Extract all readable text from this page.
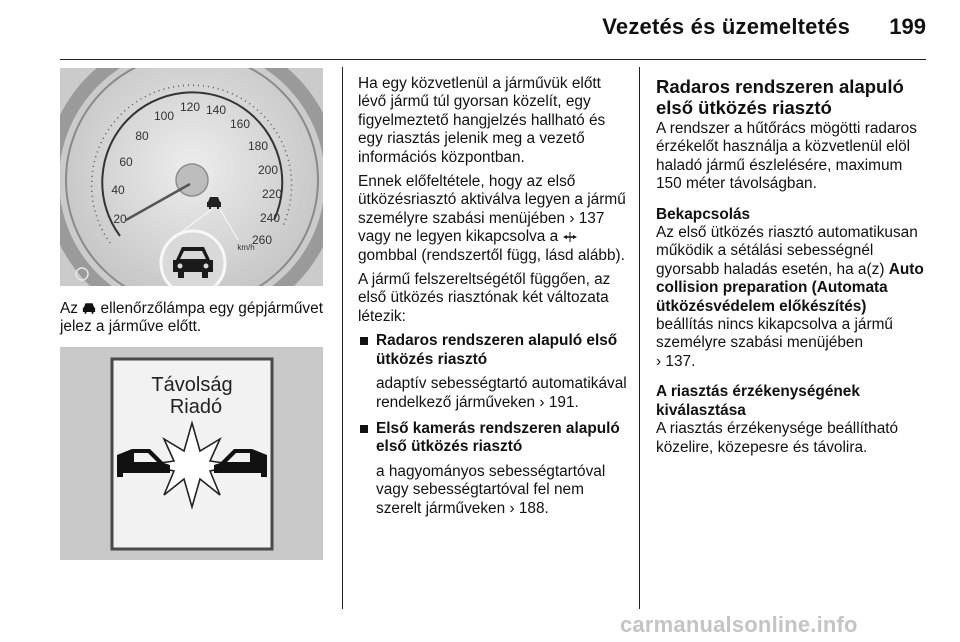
Vezetés és üzemeltetés	199
20
40
60
80
100
120 140
160
180
200
220
240
260
km/h

Az ellenőrzőlámpa egy gépjárművet jelez a járműve előtt.

Távolság
Riadó

Ha egy közvetlenül a járművük előtt lévő jármű túl gyorsan közelít, egy figyelmeztető hangjelzés hallható és egy riasztás jelenik meg a vezető információs központban.

Ennek előfeltétele, hogy az első ütközésriasztó aktiválva legyen a jármű személyre szabási menüjében › 137 vagy ne legyen kikapcsolva a  gombbal (rendszertől függ, lásd alább).

A jármű felszereltségétől függően, az első ütközés riasztónak két változata létezik:

Radaros rendszeren alapuló első ütközés riasztó
adaptív sebességtartó automatikával rendelkező járműveken › 191.
Első kamerás rendszeren alapuló első ütközés riasztó
a hagyományos sebességtartóval vagy sebességtartóval fel nem szerelt járműveken › 188.
Radaros rendszeren alapuló első ütközés riasztó

A rendszer a hűtőrács mögötti radaros érzékelőt használja a közvetlenül elöl haladó jármű észlelésére, maximum 150 méter távolságban.

Bekapcsolás

Az első ütközés riasztó automatikusan működik a sétálási sebességnél gyorsabb haladás esetén, ha a(z) Auto collision preparation (Automata ütközésvédelem előkészítés) beállítás nincs kikapcsolva a jármű személyre szabási menüjében
› 137.

A riasztás érzékenységének kiválasztása

A riasztás érzékenysége beállítható közelire, közepesre és távolira.

carmanualsonline.info
